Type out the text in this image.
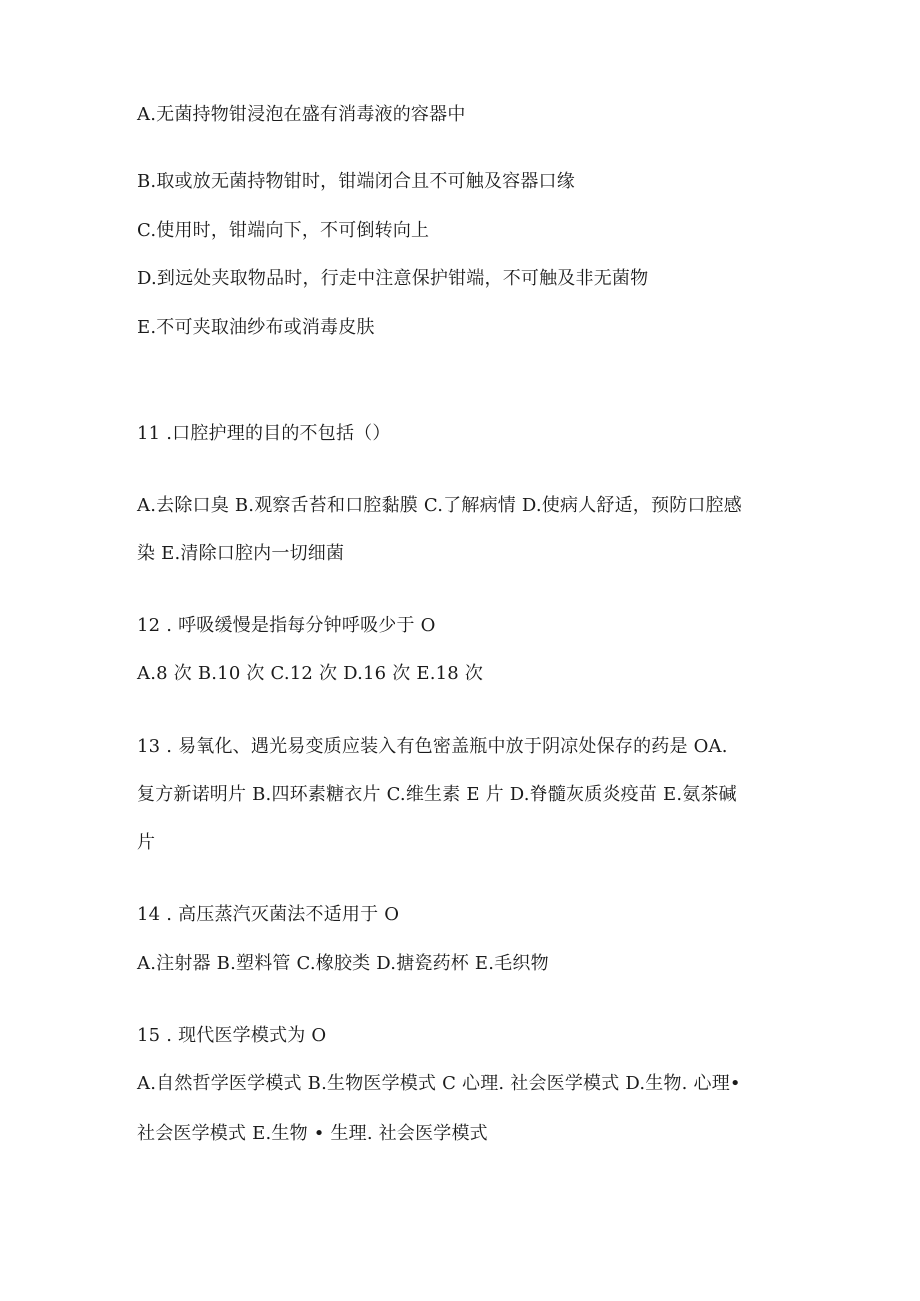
A.无菌持物钳浸泡在盛有消毒液的容器中
B.取或放无菌持物钳时，钳端闭合且不可触及容器口缘
C.使用时，钳端向下，不可倒转向上
D.到远处夹取物品时，行走中注意保护钳端，不可触及非无菌物
E.不可夹取油纱布或消毒皮肤
11 .口腔护理的目的不包括（）
A.去除口臭 B.观察舌苔和口腔黏膜 C.了解病情 D.使病人舒适，预防口腔感
染 E.清除口腔内一切细菌
12 . 呼吸缓慢是指每分钟呼吸少于 O
A.8 次 B.10 次 C.12 次 D.16 次 E.18 次
13 . 易氧化、遇光易变质应装入有色密盖瓶中放于阴凉处保存的药是 OA.
复方新诺明片 B.四环素糖衣片 C.维生素 E 片 D.脊髓灰质炎疫苗 E.氨茶碱
片
14 . 高压蒸汽灭菌法不适用于 O
A.注射器 B.塑料管 C.橡胶类 D.搪瓷药杯 E.毛织物
15 . 现代医学模式为 O
A.自然哲学医学模式 B.生物医学模式 C 心理. 社会医学模式 D.生物. 心理•
社会医学模式 E.生物 • 生理. 社会医学模式
